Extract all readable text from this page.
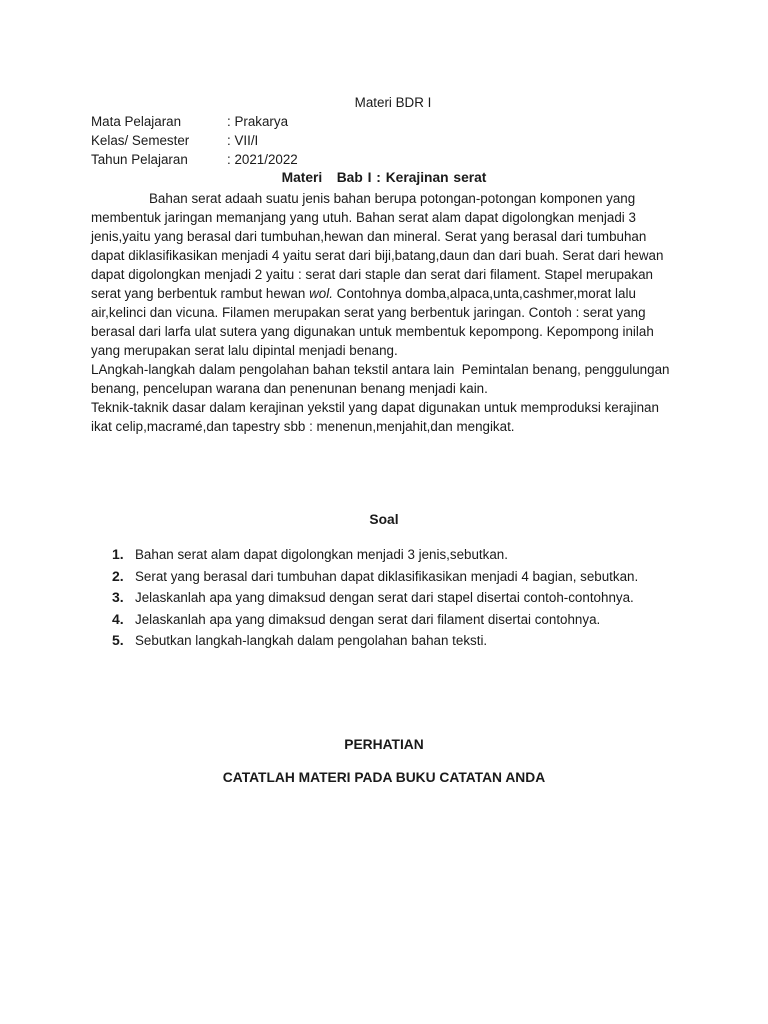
Materi BDR I
Mata Pelajaran	: Prakarya
Kelas/ Semester	: VII/I
Tahun Pelajaran	: 2021/2022
Materi   Bab I : Kerajinan serat

Bahan serat adaah suatu jenis bahan berupa potongan-potongan komponen yang membentuk jaringan memanjang yang utuh. Bahan serat alam dapat digolongkan menjadi 3 jenis,yaitu yang berasal dari tumbuhan,hewan dan mineral. Serat yang berasal dari tumbuhan dapat diklasifikasikan menjadi 4 yaitu serat dari biji,batang,daun dan dari buah. Serat dari hewan dapat digolongkan menjadi 2 yaitu : serat dari staple dan serat dari filament. Stapel merupakan  serat yang berbentuk rambut hewan wol. Contohnya domba,alpaca,unta,cashmer,morat lalu air,kelinci dan vicuna. Filamen merupakan serat yang berbentuk jaringan. Contoh : serat yang berasal dari larfa ulat sutera yang digunakan untuk membentuk kepompong. Kepompong inilah yang merupakan serat lalu dipintal menjadi benang.

LAngkah-langkah dalam pengolahan bahan tekstil antara lain  Pemintalan benang, penggulungan benang, pencelupan warana dan penenunan benang menjadi kain.

Teknik-taknik dasar dalam kerajinan yekstil yang dapat digunakan untuk memproduksi kerajinan ikat celip,macramé,dan tapestry sbb : menenun,menjahit,dan mengikat.

Soal
1. Bahan serat alam dapat digolongkan menjadi 3 jenis,sebutkan.
2. Serat yang berasal dari tumbuhan dapat diklasifikasikan menjadi 4 bagian, sebutkan.
3. Jelaskanlah apa yang dimaksud dengan serat dari stapel disertai contoh-contohnya.
4. Jelaskanlah apa yang dimaksud dengan serat dari filament disertai contohnya.
5. Sebutkan langkah-langkah dalam pengolahan bahan teksti.
PERHATIAN
CATATLAH MATERI PADA BUKU CATATAN ANDA
